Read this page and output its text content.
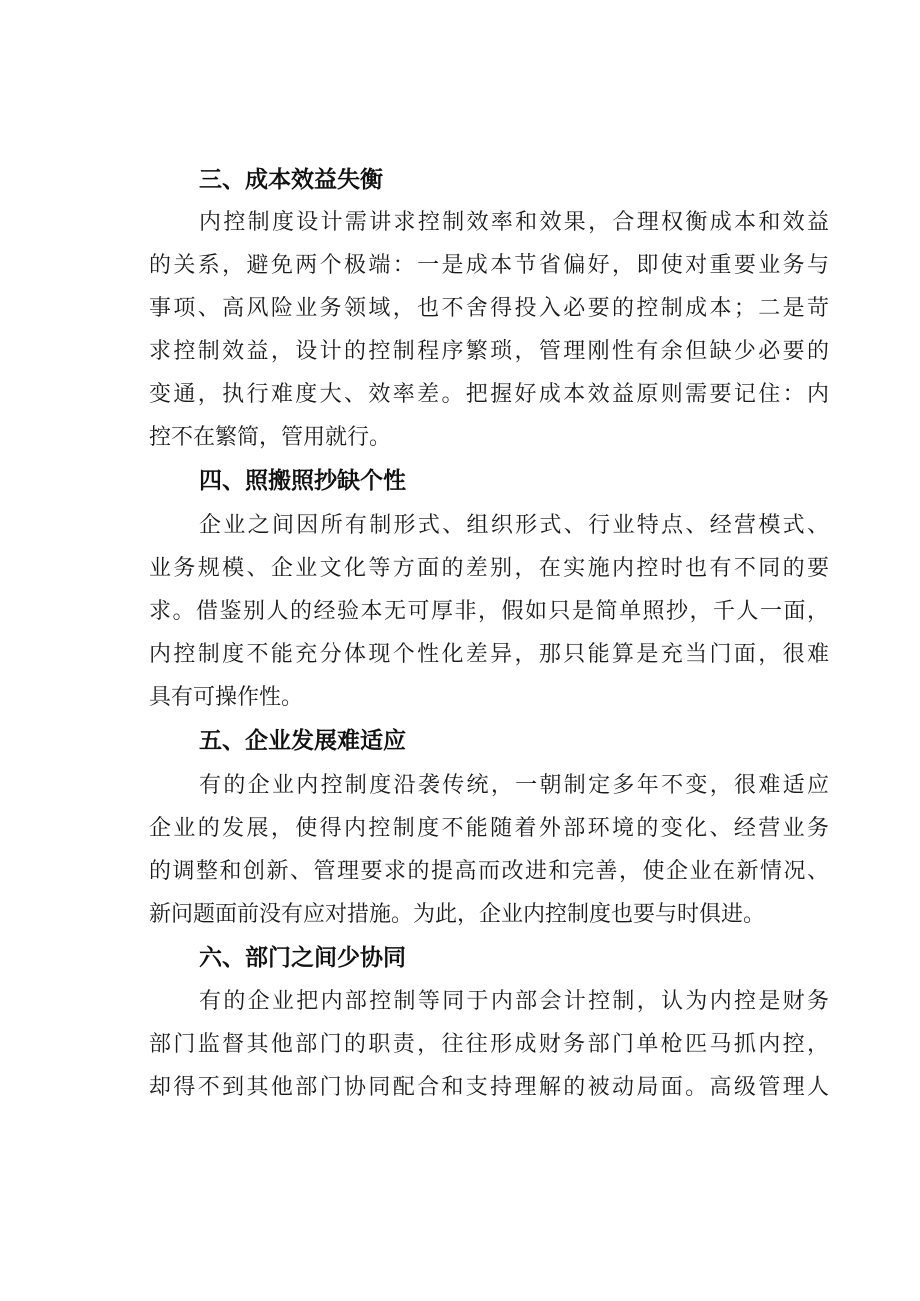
三、成本效益失衡
内控制度设计需讲求控制效率和效果，合理权衡成本和效益
的关系，避免两个极端：一是成本节省偏好，即使对重要业务与
事项、高风险业务领域，也不舍得投入必要的控制成本；二是苛
求控制效益，设计的控制程序繁琐，管理刚性有余但缺少必要的
变通，执行难度大、效率差。把握好成本效益原则需要记住：内
控不在繁简，管用就行。
四、照搬照抄缺个性
企业之间因所有制形式、组织形式、行业特点、经营模式、
业务规模、企业文化等方面的差别，在实施内控时也有不同的要
求。借鉴别人的经验本无可厚非，假如只是简单照抄，千人一面，
内控制度不能充分体现个性化差异，那只能算是充当门面，很难
具有可操作性。
五、企业发展难适应
有的企业内控制度沿袭传统，一朝制定多年不变，很难适应
企业的发展，使得内控制度不能随着外部环境的变化、经营业务
的调整和创新、管理要求的提高而改进和完善，使企业在新情况、
新问题面前没有应对措施。为此，企业内控制度也要与时俱进。
六、部门之间少协同
有的企业把内部控制等同于内部会计控制，认为内控是财务
部门监督其他部门的职责，往往形成财务部门单枪匹马抓内控，
却得不到其他部门协同配合和支持理解的被动局面。高级管理人
